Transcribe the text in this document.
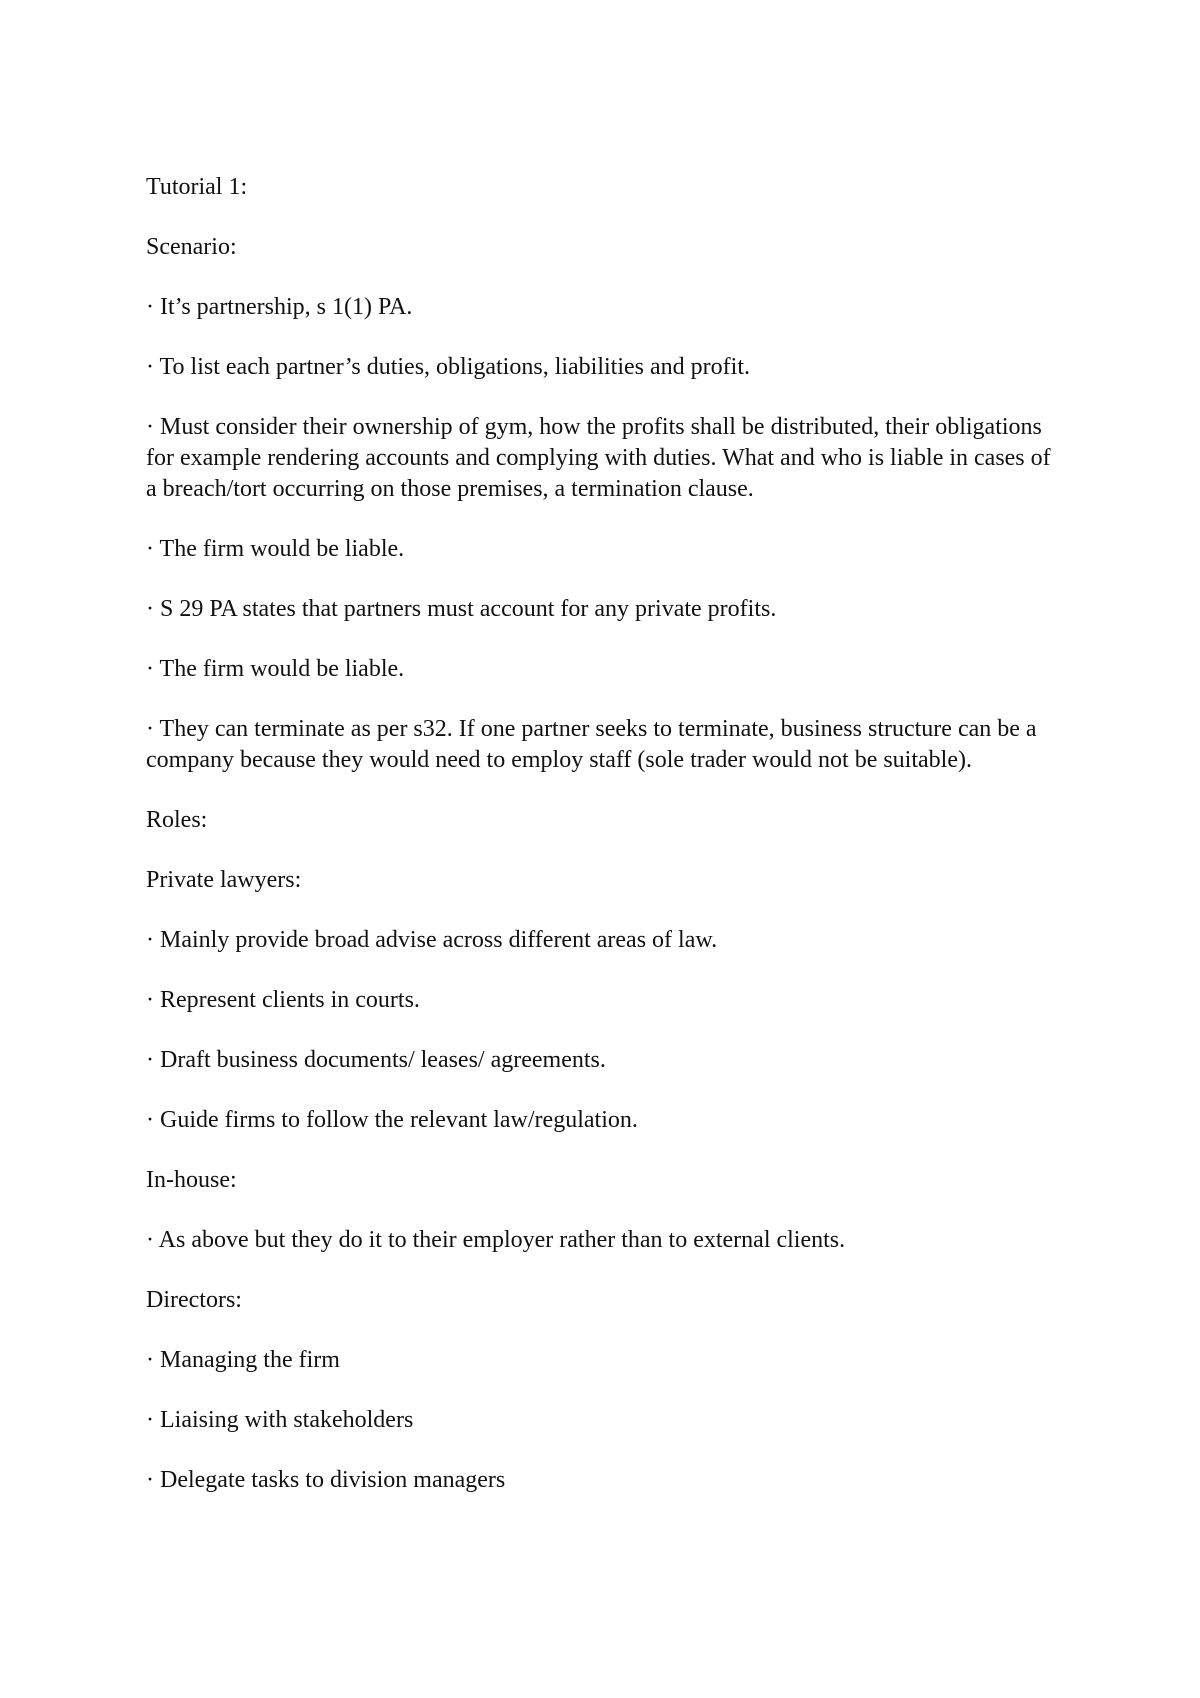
Tutorial 1:

Scenario:

· It’s partnership, s 1(1) PA.

· To list each partner’s duties, obligations, liabilities and profit.

· Must consider their ownership of gym, how the profits shall be distributed, their obligations for example rendering accounts and complying with duties. What and who is liable in cases of a breach/tort occurring on those premises, a termination clause.

· The firm would be liable.

· S 29 PA states that partners must account for any private profits.

· The firm would be liable.

· They can terminate as per s32. If one partner seeks to terminate, business structure can be a company because they would need to employ staff (sole trader would not be suitable).

Roles:

Private lawyers:

· Mainly provide broad advise across different areas of law.

· Represent clients in courts.

· Draft business documents/ leases/ agreements.

· Guide firms to follow the relevant law/regulation.

In-house:

· As above but they do it to their employer rather than to external clients.

Directors:

· Managing the firm

· Liaising with stakeholders

· Delegate tasks to division managers
